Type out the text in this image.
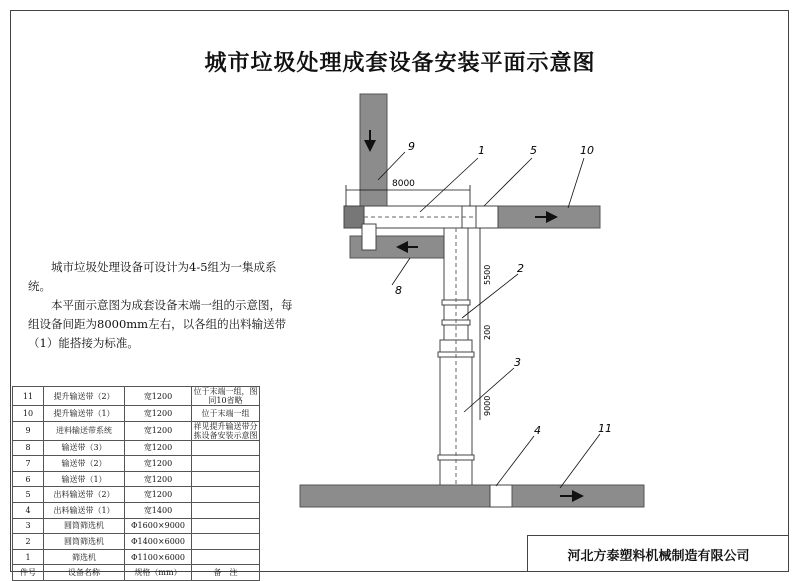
城市垃圾处理成套设备安装平面示意图

城市垃圾处理设备可设计为4-5组为一集成系统。

本平面示意图为成套设备末端一组的示意图，每组设备间距为8000mm左右，以各组的出料输送带（1）能搭接为标准。

8000
5500
200
9000
9	1	5	10
8
2
3
4	11
11	提升输送带（2）	宽1200	位于末端一组，图同10省略
10	提升输送带（1）	宽1200	位于末端一组
9	进料输送带系统	宽1200	祥见提升输送带分拣设备安装示意图
8	输送带（3）	宽1200	
7	输送带（2）	宽1200	
6	输送带（1）	宽1200	
5	出料输送带（2）	宽1200	
4	出料输送带（1）	宽1400	
3	圆筒筛选机	Φ1600×9000	
2	圆筒筛选机	Φ1400×6000	
1	筛选机	Φ1100×6000	
件号	设备名称	规格（mm）	备　注
河北方泰塑料机械制造有限公司
